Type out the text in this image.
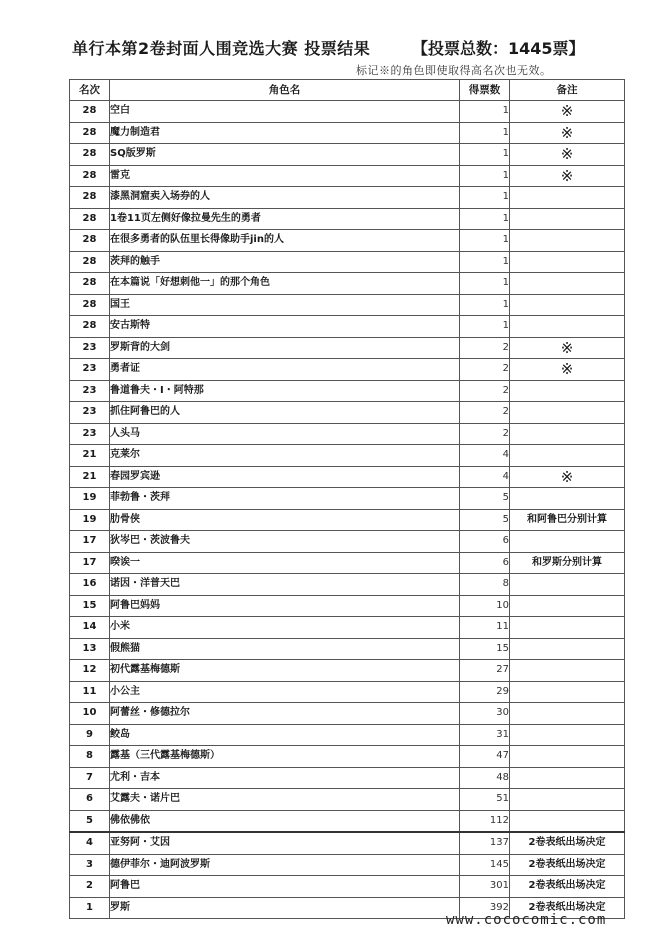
单行本第2卷封面人围竞选大赛 投票结果	【投票总数：1445票】
标记※的角色即使取得高名次也无效。
名次	角色名	得票数	备注
28	空白	1	※
28	魔力制造君	1	※
28	SQ版罗斯	1	※
28	雷克	1	※
28	漆黑洞窟卖入场券的人	1	
28	1卷11页左侧好像拉曼先生的勇者	1	
28	在很多勇者的队伍里长得像助手jin的人	1	
28	茨拜的触手	1	
28	在本篇说「好想刺他一」的那个角色	1	
28	国王	1	
28	安古斯特	1	
23	罗斯背的大剑	2	※
23	勇者证	2	※
23	鲁道鲁夫・I・阿特那	2	
23	抓住阿鲁巴的人	2	
23	人头马	2	
21	克莱尔	4	
21	春园罗宾逊	4	※
19	菲勃鲁・茨拜	5	
19	肋骨侠	5	和阿鲁巴分别计算
17	狄岑巴・茨波鲁夫	6	
17	暌诶一	6	和罗斯分别计算
16	诺因・洋普天巴	8	
15	阿鲁巴妈妈	10	
14	小米	11	
13	假熊猫	15	
12	初代露基梅德斯	27	
11	小公主	29	
10	阿蕾丝・修德拉尔	30	
9	鲛岛	31	
8	露基（三代露基梅德斯）	47	
7	尤利・吉本	48	
6	艾露夫・诺片巴	51	
5	佛依佛依	112	
4	亚努阿・艾因	137	2卷表纸出场决定
3	德伊菲尔・迪阿波罗斯	145	2卷表纸出场决定
2	阿鲁巴	301	2卷表纸出场决定
1	罗斯	392	2卷表纸出场决定
www.cococomic.com
